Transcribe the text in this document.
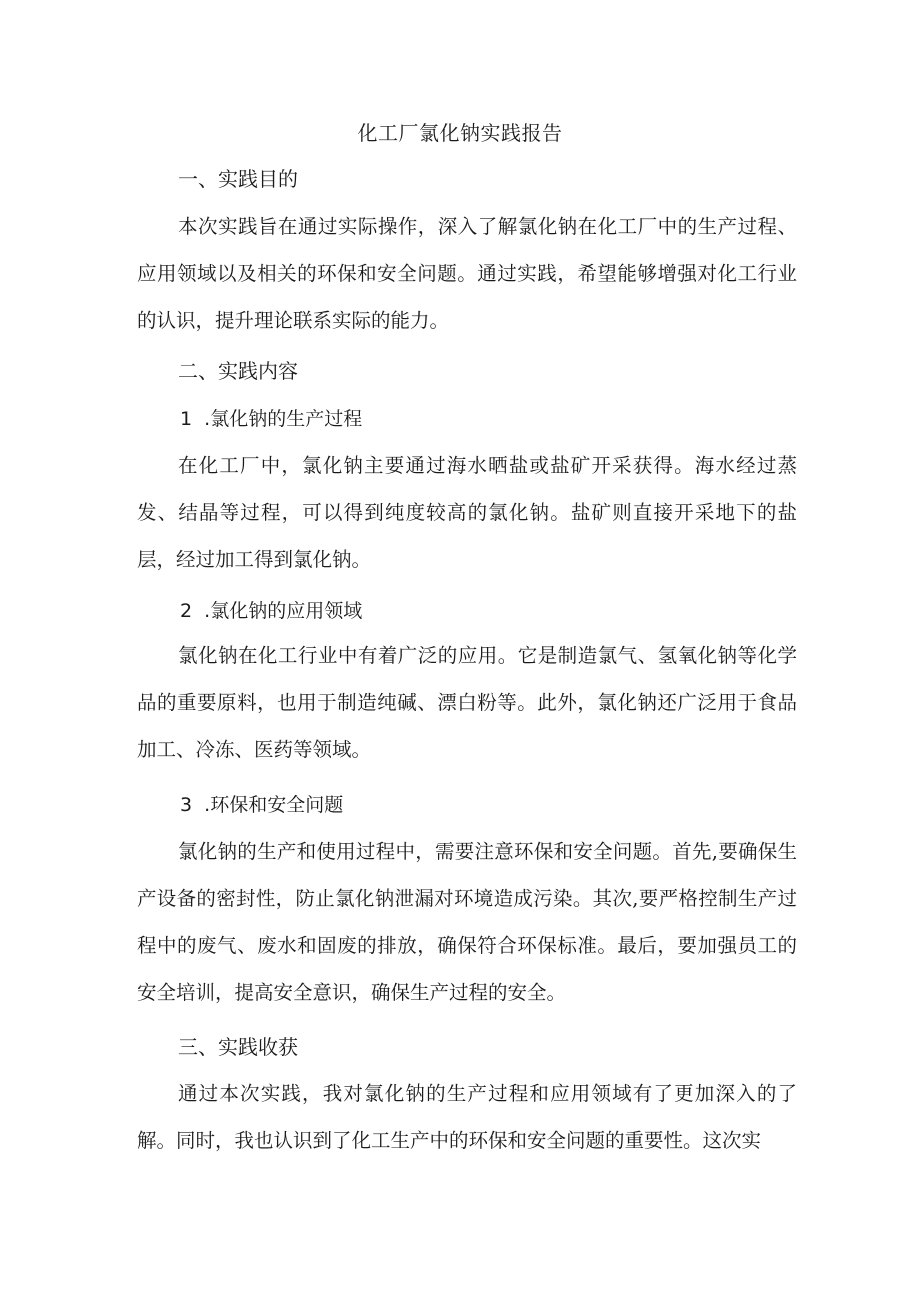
化工厂氯化钠实践报告
一、实践目的

本次实践旨在通过实际操作，深入了解氯化钠在化工厂中的生产过程、应用领域以及相关的环保和安全问题。通过实践，希望能够增强对化工行业的认识，提升理论联系实际的能力。

二、实践内容
1  .氯化钠的生产过程

在化工厂中，氯化钠主要通过海水晒盐或盐矿开采获得。海水经过蒸发、结晶等过程，可以得到纯度较高的氯化钠。盐矿则直接开采地下的盐层，经过加工得到氯化钠。

2  .氯化钠的应用领域

氯化钠在化工行业中有着广泛的应用。它是制造氯气、氢氧化钠等化学品的重要原料，也用于制造纯碱、漂白粉等。此外，氯化钠还广泛用于食品加工、冷冻、医药等领域。

3  .环保和安全问题

氯化钠的生产和使用过程中，需要注意环保和安全问题。首先,要确保生产设备的密封性，防止氯化钠泄漏对环境造成污染。其次,要严格控制生产过程中的废气、废水和固废的排放，确保符合环保标准。最后，要加强员工的安全培训，提高安全意识，确保生产过程的安全。

三、实践收获

通过本次实践，我对氯化钠的生产过程和应用领域有了更加深入的了解。同时，我也认识到了化工生产中的环保和安全问题的重要性。这次实
